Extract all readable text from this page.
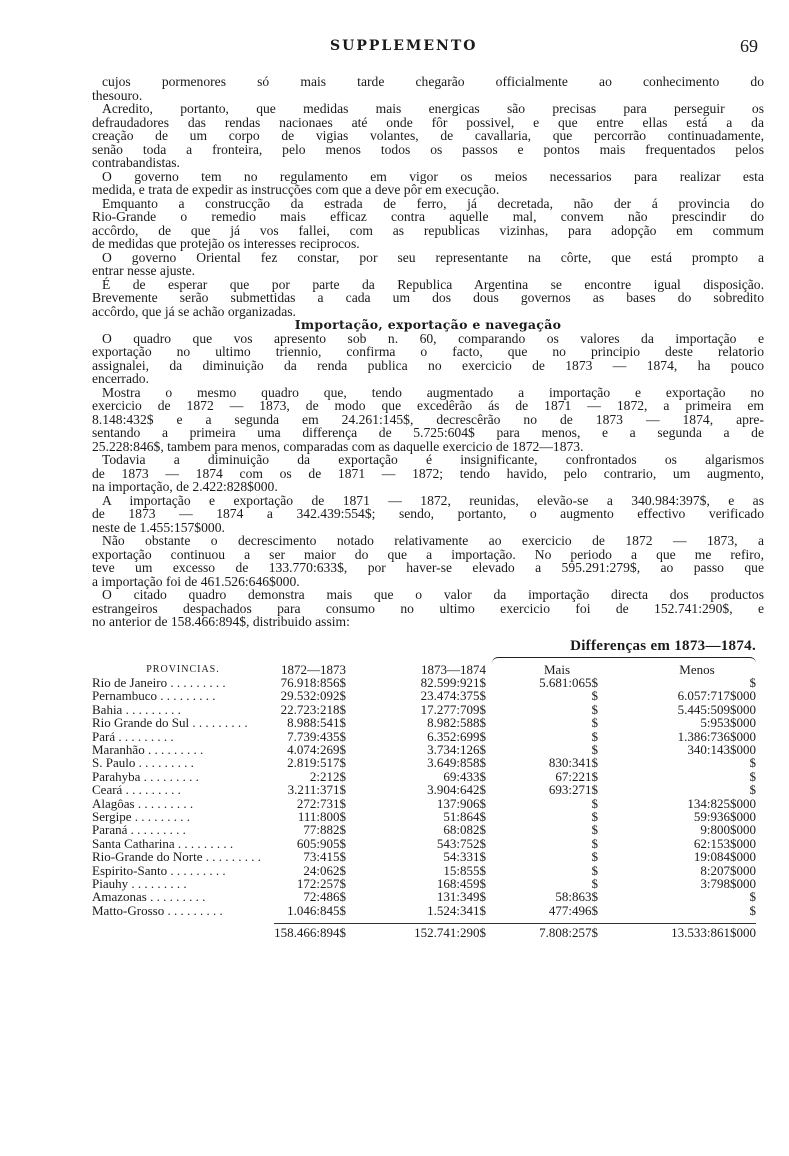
SUPPLEMENTO	69
cujos pormenores só mais tarde chegarão officialmente ao conhecimento do
thesouro.
Acredito, portanto, que medidas mais energicas são precisas para perseguir os
defraudadores das rendas nacionaes até onde fôr possivel, e que entre ellas está a da
creação de um corpo de vigias volantes, de cavallaria, que percorrão continuadamente,
senão toda a fronteira, pelo menos todos os passos e pontos mais frequentados pelos
contrabandistas.
O governo tem no regulamento em vigor os meios necessarios para realizar esta
medida, e trata de expedir as instrucções com que a deve pôr em execução.
Emquanto a construcção da estrada de ferro, já decretada, não der á provincia do
Rio-Grande o remedio mais efficaz contra aquelle mal, convem não prescindir do
accôrdo, de que já vos fallei, com as republicas vizinhas, para adopção em commum
de medidas que protejão os interesses reciprocos.
O governo Oriental fez constar, por seu representante na côrte, que está prompto a
entrar nesse ajuste.
É de esperar que por parte da Republica Argentina se encontre igual disposição.
Brevemente serão submettidas a cada um dos dous governos as bases do sobredito
accôrdo, que já se achão organizadas.
Importação, exportação e navegação
O quadro que vos apresento sob n. 60, comparando os valores da importação e
exportação no ultimo triennio, confirma o facto, que no principio deste relatorio
assignalei, da diminuição da renda publica no exercicio de 1873 — 1874, ha pouco
encerrado.
Mostra o mesmo quadro que, tendo augmentado a importação e exportação no
exercicio de 1872 — 1873, de modo que excedêrão ás de 1871 — 1872, a primeira em
8.148:432$ e a segunda em 24.261:145$, decrescêrão no de 1873 — 1874, apre-
sentando a primeira uma differença de 5.725:604$ para menos, e a segunda a de
25.228:846$, tambem para menos, comparadas com as daquelle exercicio de 1872—1873.
Todavia a diminuição da exportação é insignificante, confrontados os algarismos
de 1873 — 1874 com os de 1871 — 1872; tendo havido, pelo contrario, um augmento,
na importação, de 2.422:828$000.
A importação e exportação de 1871 — 1872, reunidas, elevão-se a 340.984:397$, e as
de 1873 — 1874 a 342.439:554$; sendo, portanto, o augmento effectivo verificado
neste de 1.455:157$000.
Não obstante o decrescimento notado relativamente ao exercicio de 1872 — 1873, a
exportação continuou a ser maior do que a importação. No periodo a que me refiro,
teve um excesso de 133.770:633$, por haver-se elevado a 595.291:279$, ao passo que
a importação foi de 461.526:646$000.
O citado quadro demonstra mais que o valor da importação directa dos productos
estrangeiros despachados para consumo no ultimo exercicio foi de 152.741:290$, e
no anterior de 158.466:894$, distribuido assim:
Differenças em 1873—1874.
PROVINCIAS.	1872—1873	1873—1874	Mais	Menos
Rio de Janeiro . . . . . . . . .	76.918:856$	82.599:921$	5.681:065$	$
Pernambuco . . . . . . . . .	29.532:092$	23.474:375$	$	6.057:717$000
Bahia . . . . . . . . .	22.723:218$	17.277:709$	$	5.445:509$000
Rio Grande do Sul . . . . . . . . .	8.988:541$	8.982:588$	$	5:953$000
Pará . . . . . . . . .	7.739:435$	6.352:699$	$	1.386:736$000
Maranhão . . . . . . . . .	4.074:269$	3.734:126$	$	340:143$000
S. Paulo . . . . . . . . .	2.819:517$	3.649:858$	830:341$	$
Parahyba . . . . . . . . .	2:212$	69:433$	67:221$	$
Ceará . . . . . . . . .	3.211:371$	3.904:642$	693:271$	$
Alagôas . . . . . . . . .	272:731$	137:906$	$	134:825$000
Sergipe . . . . . . . . .	111:800$	51:864$	$	59:936$000
Paraná . . . . . . . . .	77:882$	68:082$	$	9:800$000
Santa Catharina . . . . . . . . .	605:905$	543:752$	$	62:153$000
Rio-Grande do Norte . . . . . . . . .	73:415$	54:331$	$	19:084$000
Espirito-Santo . . . . . . . . .	24:062$	15:855$	$	8:207$000
Piauhy . . . . . . . . .	172:257$	168:459$	$	3:798$000
Amazonas . . . . . . . . .	72:486$	131:349$	58:863$	$
Matto-Grosso . . . . . . . . .	1.046:845$	1.524:341$	477:496$	$
158.466:894$	152.741:290$	7.808:257$	13.533:861$000
